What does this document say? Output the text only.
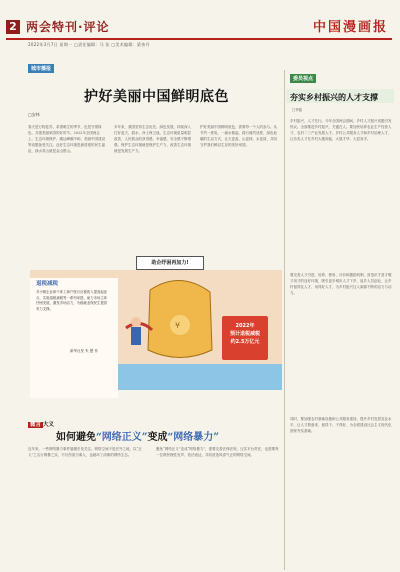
2 两会特刊·评论	中国漫画报
2022年3月7日 星期一 □责任编辑：马 张 □美术编辑：梁伟丹
城市播报
护好美丽中国鲜明底色
□安林
春天是万物复苏、希望萌生的季节，也是守望绿色、共建美丽家园的好时节。2022年全国两会上，生态环境保护、碳达峰碳中和、美丽中国建设等话题备受关注。良好生态环境是最普惠的民生福祉，绿水青山就是金山银山。
多年来，我国坚持生态优先、绿色发展，持续深入打好蓝天、碧水、净土保卫战，生态环境质量明显改善，人民群众的获得感、幸福感、安全感不断增强。保护生态环境就是保护生产力，改善生态环境就是发展生产力。
护好美丽中国鲜明底色，需要每一个人的参与。从节约一度电、一滴水做起，践行简约适度、绿色低碳的生活方式，让天更蓝、山更绿、水更清，共同守护我们赖以生存的美好家园。
委员视点
夯实乡村振兴的人才支撑
□李铭
乡村振兴，人才先行。今年全国两会期间，乡村人才振兴话题引发热议。全面推进乡村振兴，关键在人。要加快培养农业生产经营人才、农村二三产业发展人才、乡村公共服务人才和乡村治理人才，让各类人才在乡村大施所能、大展才华、大显身手。
要完善人才引进、培养、使用、评价和激励机制，营造识才爱才敬才用才的良好环境，吸引更多城市人才下乡、返乡人员创业，让乡村留得住人才、用得好人才，为乡村振兴注入源源不断的活力与动力。
同时，要加强农村基础设施和公共服务建设，提升乡村宜居宜业水平，让人才愿意来、留得下、干得好，为全面建设社会主义现代化国家夯实基础。
¥
退税减税
对小微企业和个体工商户按月应税收入提高起征点、实施退税减税等一系列举措，助力市场主体纾困发展，激发市场活力，为稳就业保民生提供有力支撑。
新华社发 朱 慧 作
助企纾困再加力!
2022年
预计退税减税
约2.5万亿元
微言 大义
如何避免“网络正义”变成“网络暴力”
近年来，一些网络暴力事件屡屡引发关注。网络空间不是法外之地，以“正义”之名行网暴之实，不仅伤害当事人，也破坏了清朗的网络生态。
避免“网络正义”变成“网络暴力”，需要完善法律法规，压实平台责任，也需要每一位网民理性发声、依法表达，共同营造风清气正的网络空间。
